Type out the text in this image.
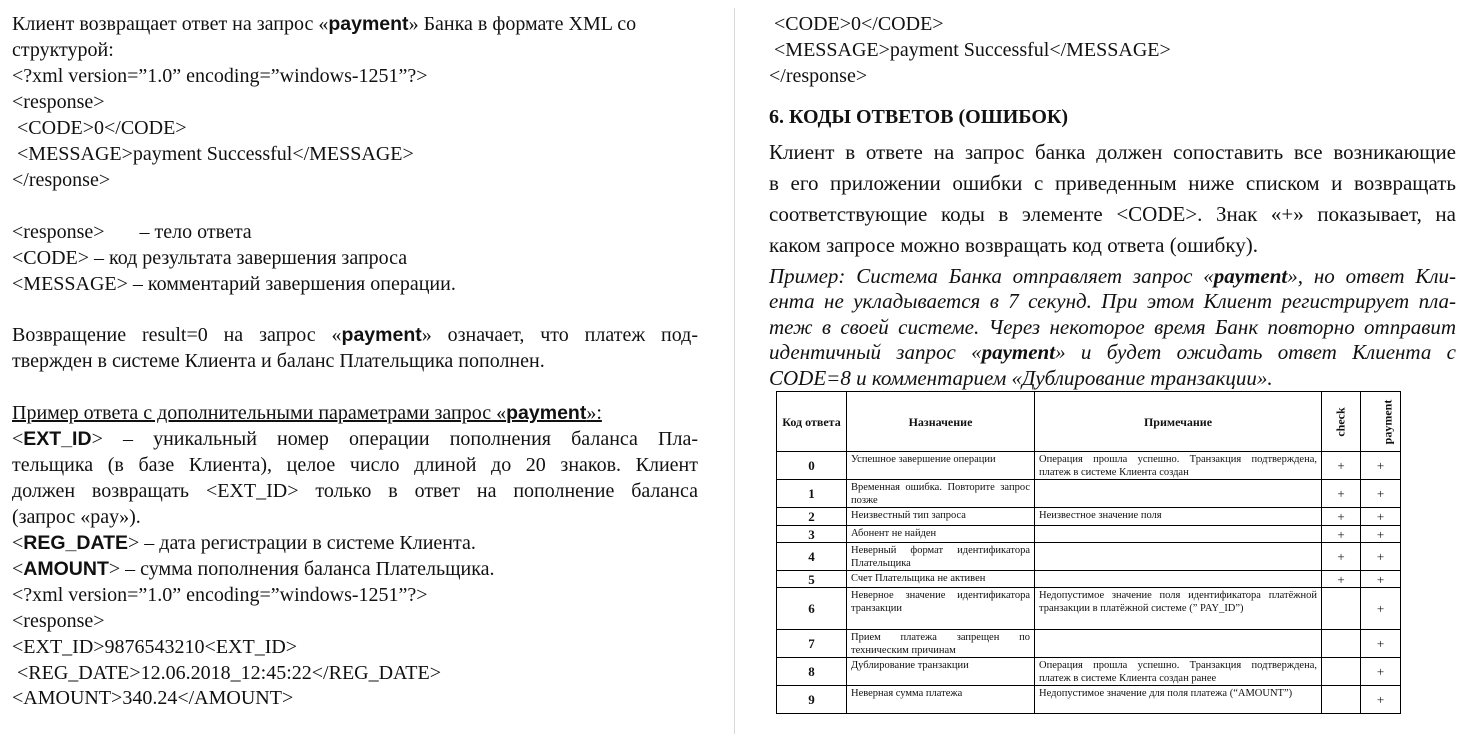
Клиент возвращает ответ на запрос «payment» Банка в формате XML со
структурой:
<?xml version=”1.0” encoding=”windows-1251”?>
<response>
<CODE>0</CODE>
<MESSAGE>payment Successful</MESSAGE>
</response>
<response>       – тело ответа
<CODE> – код результата завершения запроса
<MESSAGE> – комментарий завершения операции.
Возвращение result=0 на запрос «payment» означает, что платеж под-
твержден в системе Клиента и баланс Плательщика пополнен.
Пример ответа с дополнительными параметрами запрос «payment»:
<EXT_ID> – уникальный номер операции пополнения баланса Пла-
тельщика (в базе Клиента), целое число длиной до 20 знаков. Клиент
должен возвращать <EXT_ID> только в ответ на пополнение баланса
(запрос «pay»).
<REG_DATE> – дата регистрации в системе Клиента.
<AMOUNT> – сумма пополнения баланса Плательщика.
<?xml version=”1.0” encoding=”windows-1251”?>
<response>
<EXT_ID>9876543210<EXT_ID>
<REG_DATE>12.06.2018_12:45:22</REG_DATE>
<AMOUNT>340.24</AMOUNT>
<CODE>0</CODE>
<MESSAGE>payment Successful</MESSAGE>
</response>
6. КОДЫ ОТВЕТОВ (ОШИБОК)
Клиент в ответе на запрос банка должен сопоставить все возникающие
в его приложении ошибки с приведенным ниже списком и возвращать
соответствующие коды в элементе <CODE>. Знак «+» показывает, на
каком запросе можно возвращать код ответа (ошибку).
Пример: Система Банка отправляет запрос «payment», но ответ Кли-
ента не укладывается в 7 секунд. При этом Клиент регистрирует пла-
теж в своей системе. Через некоторое время Банк повторно отправит
идентичный запрос «payment» и будет ожидать ответ Клиента с
CODE=8 и комментарием «Дублирование транзакции».
Код ответа	Назначение	Примечание	check	payment
0	Успешное завершение операции	Операция прошла успешно. Транзакция подтверждена, платеж в системе Клиента создан	+	+
1	Временная ошибка. Повторите запрос позже		+	+
2	Неизвестный тип запроса	Неизвестное значение поля	+	+
3	Абонент не найден		+	+
4	Неверный формат идентификатора Плательщика		+	+
5	Счет Плательщика не активен		+	+
6	Неверное значение идентификатора транзакции	Недопустимое значение поля идентификатора платёжной транзакции в платёжной системе (” PAY_ID”)		+
7	Прием платежа запрещен по техническим причинам			+
8	Дублирование транзакции	Операция прошла успешно. Транзакция подтверждена, платеж в системе Клиента создан ранее		+
9	Неверная сумма платежа	Недопустимое значение для поля платежа (“AMOUNT”)		+
